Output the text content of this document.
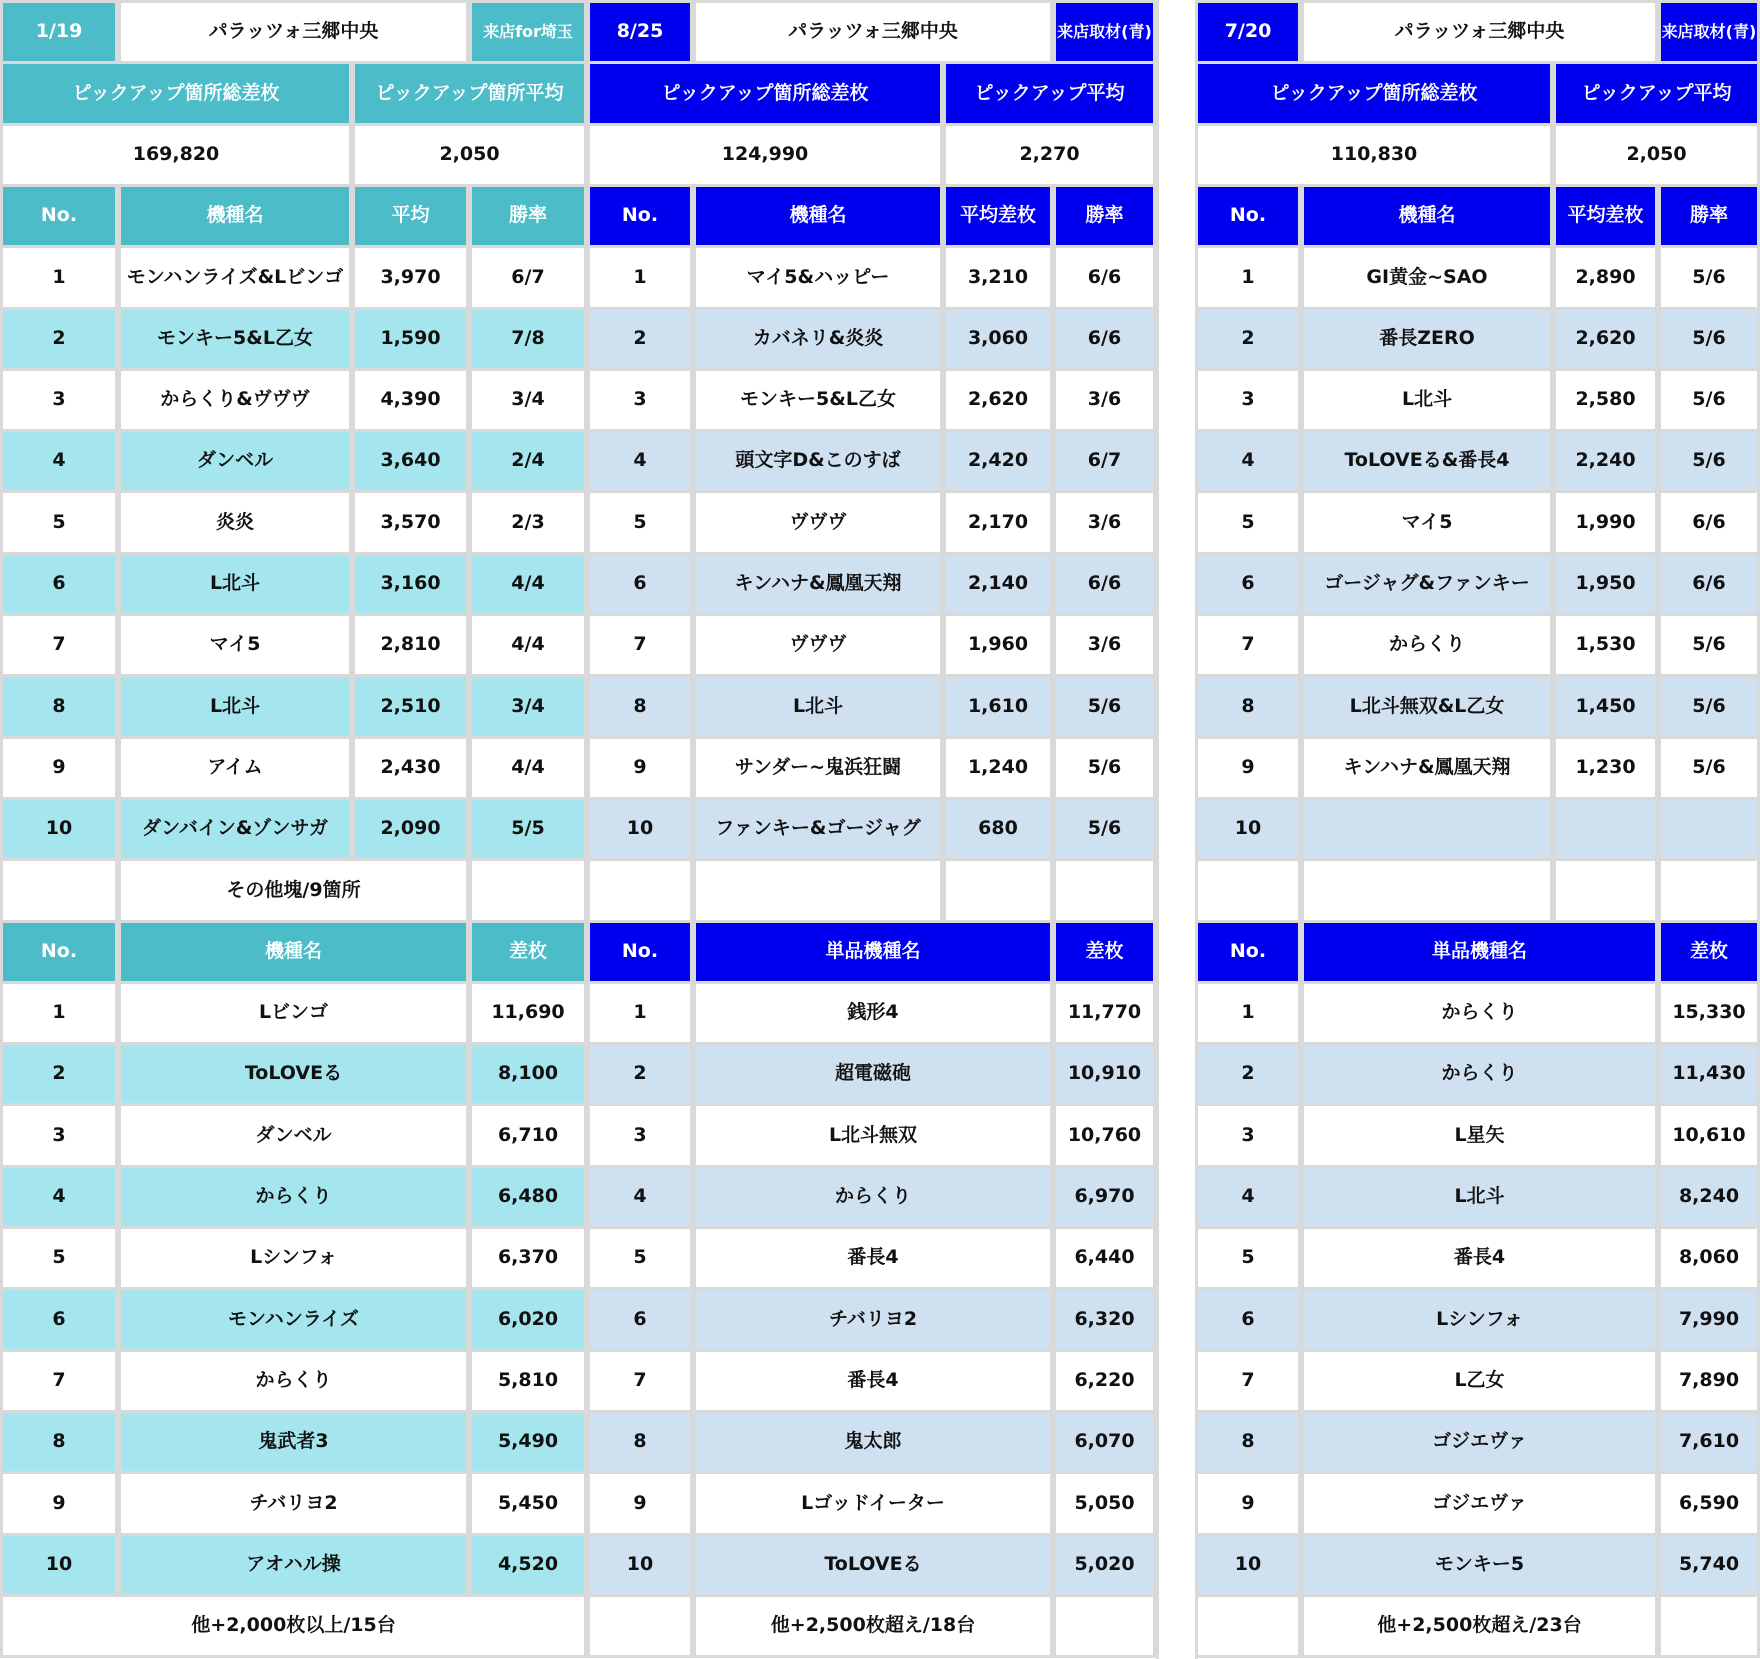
1/19	パラッツォ三郷中央	来店for埼玉
ピックアップ箇所総差枚	ピックアップ箇所平均
169,820	2,050
No.	機種名	平均	勝率
1	モンハンライズ&Lビンゴ	3,970	6/7
2	モンキー5&L乙女	1,590	7/8
3	からくり&ヴヴヴ	4,390	3/4
4	ダンベル	3,640	2/4
5	炎炎	3,570	2/3
6	L北斗	3,160	4/4
7	マイ5	2,810	4/4
8	L北斗	2,510	3/4
9	アイム	2,430	4/4
10	ダンバイン&ゾンサガ	2,090	5/5
その他塊/9箇所
No.	機種名	差枚
1	Lビンゴ	11,690
2	ToLOVEる	8,100
3	ダンベル	6,710
4	からくり	6,480
5	Lシンフォ	6,370
6	モンハンライズ	6,020
7	からくり	5,810
8	鬼武者3	5,490
9	チバリヨ2	5,450
10	アオハル操	4,520
他+2,000枚以上/15台
8/25	パラッツォ三郷中央	来店取材(青)
ピックアップ箇所総差枚	ピックアップ平均
124,990	2,270
No.	機種名	平均差枚	勝率
1	マイ5&ハッピー	3,210	6/6
2	カバネリ&炎炎	3,060	6/6
3	モンキー5&L乙女	2,620	3/6
4	頭文字D&このすば	2,420	6/7
5	ヴヴヴ	2,170	3/6
6	キンハナ&鳳凰天翔	2,140	6/6
7	ヴヴヴ	1,960	3/6
8	L北斗	1,610	5/6
9	サンダー~鬼浜狂闘	1,240	5/6
10	ファンキー&ゴージャグ	680	5/6
No.	単品機種名	差枚
1	銭形4	11,770
2	超電磁砲	10,910
3	L北斗無双	10,760
4	からくり	6,970
5	番長4	6,440
6	チバリヨ2	6,320
7	番長4	6,220
8	鬼太郎	6,070
9	Lゴッドイーター	5,050
10	ToLOVEる	5,020
他+2,500枚超え/18台
7/20	パラッツォ三郷中央	来店取材(青)
ピックアップ箇所総差枚	ピックアップ平均
110,830	2,050
No.	機種名	平均差枚	勝率
1	GI黄金~SAO	2,890	5/6
2	番長ZERO	2,620	5/6
3	L北斗	2,580	5/6
4	ToLOVEる&番長4	2,240	5/6
5	マイ5	1,990	6/6
6	ゴージャグ&ファンキー	1,950	6/6
7	からくり	1,530	5/6
8	L北斗無双&L乙女	1,450	5/6
9	キンハナ&鳳凰天翔	1,230	5/6
10
No.	単品機種名	差枚
1	からくり	15,330
2	からくり	11,430
3	L星矢	10,610
4	L北斗	8,240
5	番長4	8,060
6	Lシンフォ	7,990
7	L乙女	7,890
8	ゴジエヴァ	7,610
9	ゴジエヴァ	6,590
10	モンキー5	5,740
他+2,500枚超え/23台
